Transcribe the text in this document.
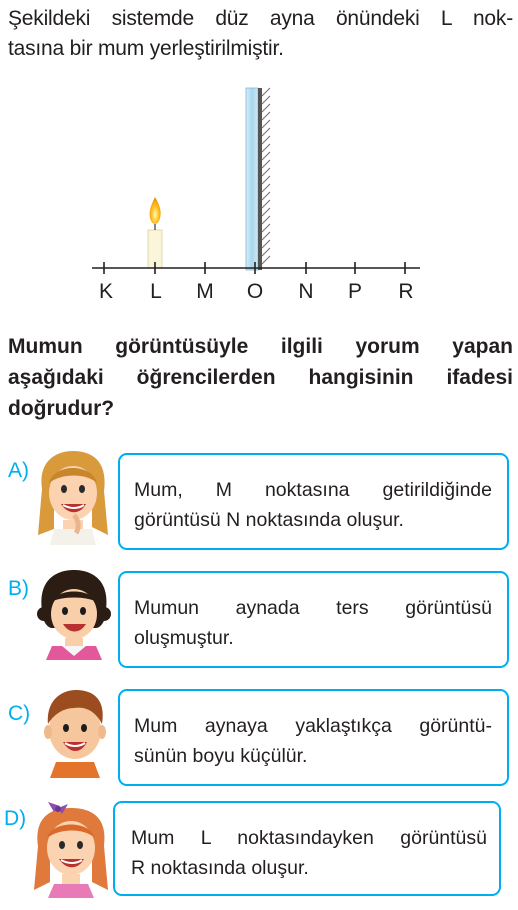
Şekildeki sistemde düz ayna önündeki L nok-
tasına bir mum yerleştirilmiştir.
K L M O N P R
Mumun görüntüsüyle ilgili yorum yapan
aşağıdaki öğrencilerden hangisinin ifadesi
doğrudur?
A)
Mum, M noktasına getirildiğinde
görüntüsü N noktasında oluşur.
B)
Mumun aynada ters görüntüsü
oluşmuştur.
C)
Mum aynaya yaklaştıkça görüntü-
sünün boyu küçülür.
D)
Mum L noktasındayken görüntüsü
R noktasında oluşur.
